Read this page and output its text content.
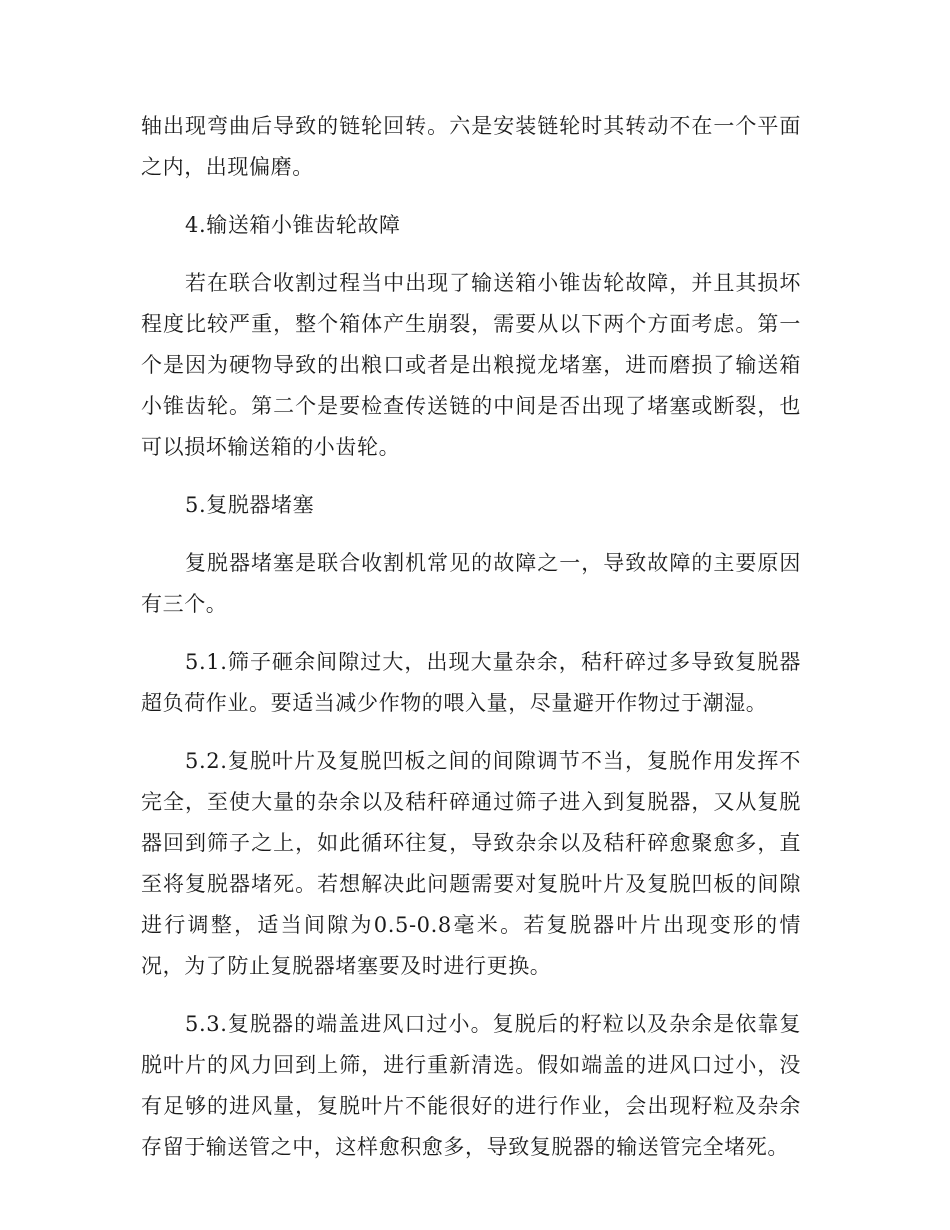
轴出现弯曲后导致的链轮回转。六是安装链轮时其转动不在一个平面之内，出现偏磨。

4.输送箱小锥齿轮故障

若在联合收割过程当中出现了输送箱小锥齿轮故障，并且其损坏程度比较严重，整个箱体产生崩裂，需要从以下两个方面考虑。第一个是因为硬物导致的出粮口或者是出粮搅龙堵塞，进而磨损了输送箱小锥齿轮。第二个是要检查传送链的中间是否出现了堵塞或断裂，也可以损坏输送箱的小齿轮。

5.复脱器堵塞

复脱器堵塞是联合收割机常见的故障之一，导致故障的主要原因有三个。

5.1.筛子砸余间隙过大，出现大量杂余，秸秆碎过多导致复脱器超负荷作业。要适当减少作物的喂入量，尽量避开作物过于潮湿。

5.2.复脱叶片及复脱凹板之间的间隙调节不当，复脱作用发挥不完全，至使大量的杂余以及秸秆碎通过筛子进入到复脱器，又从复脱器回到筛子之上，如此循环往复，导致杂余以及秸秆碎愈聚愈多，直至将复脱器堵死。若想解决此问题需要对复脱叶片及复脱凹板的间隙进行调整，适当间隙为0.5-0.8毫米。若复脱器叶片出现变形的情况，为了防止复脱器堵塞要及时进行更换。

5.3.复脱器的端盖进风口过小。复脱后的籽粒以及杂余是依靠复脱叶片的风力回到上筛，进行重新清选。假如端盖的进风口过小，没有足够的进风量，复脱叶片不能很好的进行作业，会出现籽粒及杂余存留于输送管之中，这样愈积愈多，导致复脱器的输送管完全堵死。
